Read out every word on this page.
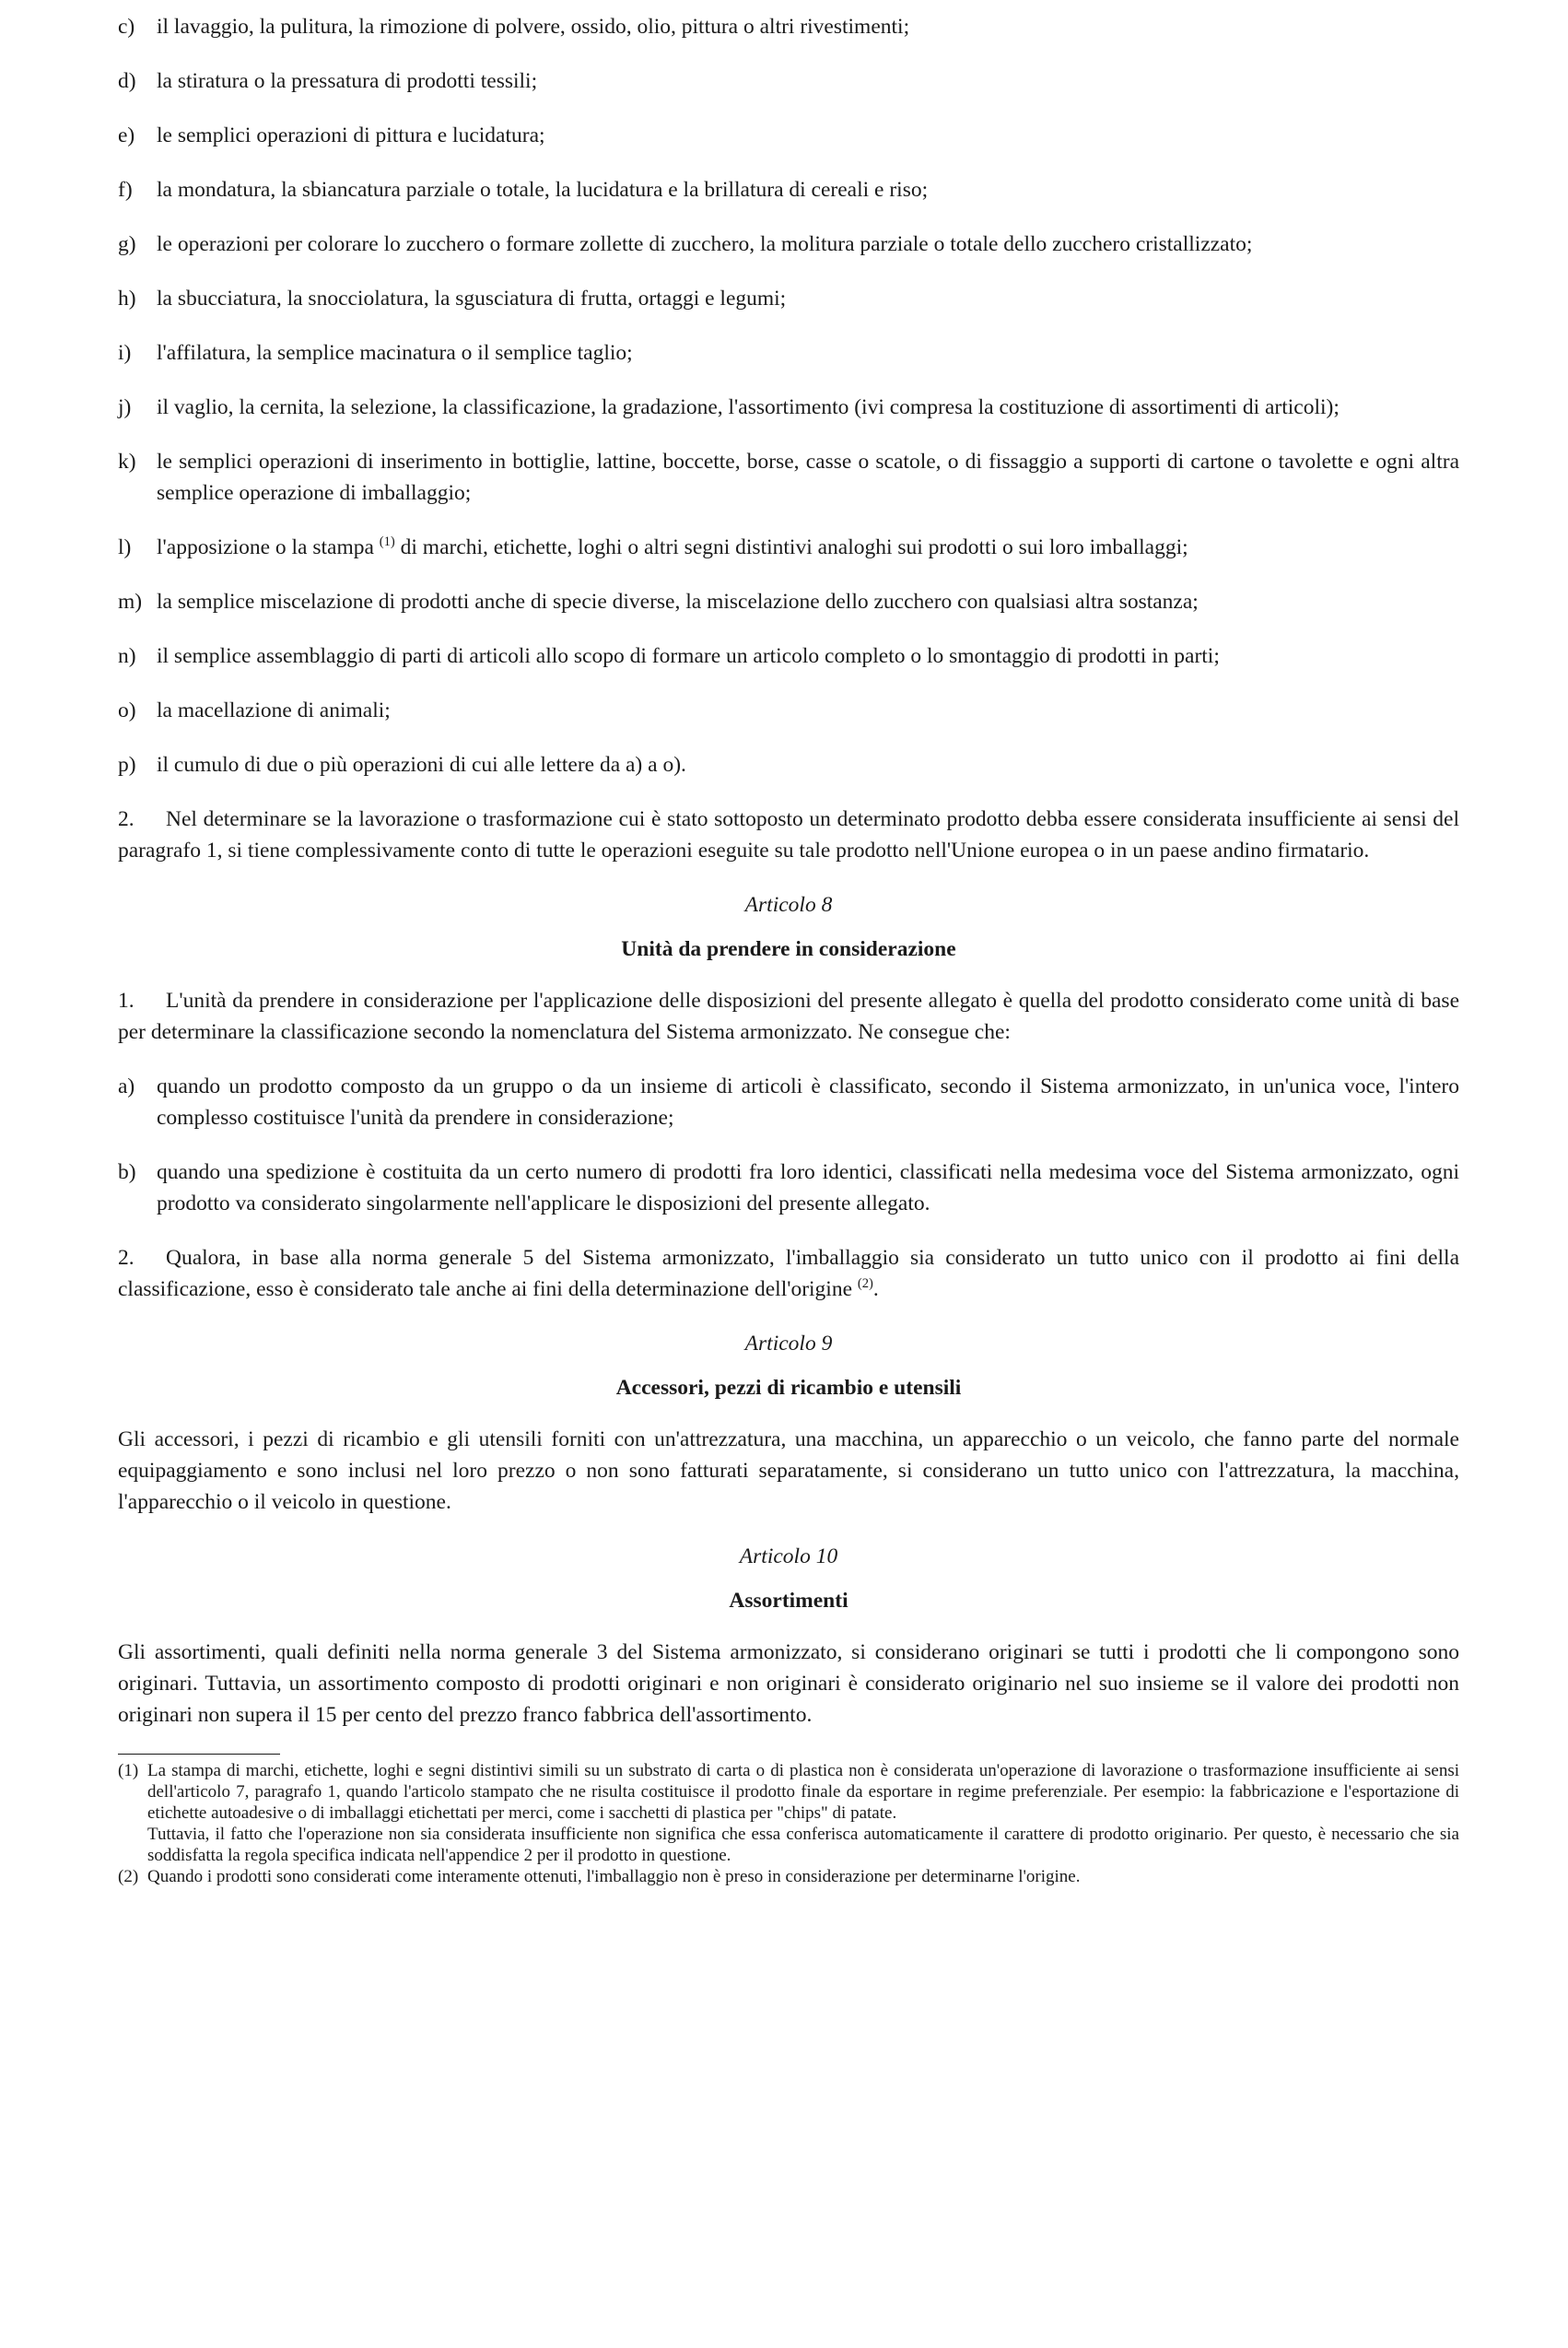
c)	il lavaggio, la pulitura, la rimozione di polvere, ossido, olio, pittura o altri rivestimenti;
d) la stiratura o la pressatura di prodotti tessili;
e)	le semplici operazioni di pittura e lucidatura;
f)	la mondatura, la sbiancatura parziale o totale, la lucidatura e la brillatura di cereali e riso;
g) le operazioni per colorare lo zucchero o formare zollette di zucchero, la molitura parziale o totale dello zucchero cristallizzato;
h) la sbucciatura, la snocciolatura, la sgusciatura di frutta, ortaggi e legumi;
i)	l'affilatura, la semplice macinatura o il semplice taglio;
j)	il vaglio, la cernita, la selezione, la classificazione, la gradazione, l'assortimento (ivi compresa la costituzione di assortimenti di articoli);
k) le semplici operazioni di inserimento in bottiglie, lattine, boccette, borse, casse o scatole, o di fissaggio a supporti di cartone o tavolette e ogni altra semplice operazione di imballaggio;
l)	l'apposizione o la stampa $^{(1)}$ di marchi, etichette, loghi o altri segni distintivi analoghi sui prodotti o sui loro imballaggi;
m) la semplice miscelazione di prodotti anche di specie diverse, la miscelazione dello zucchero con qualsiasi altra sostanza;
n) il semplice assemblaggio di parti di articoli allo scopo di formare un articolo completo o lo smontaggio di prodotti in parti;
o) la macellazione di animali;
p) il cumulo di due o più operazioni di cui alle lettere da a) a o).

2. Nel determinare se la lavorazione o trasformazione cui è stato sottoposto un determinato prodotto debba essere considerata insufficiente ai sensi del paragrafo 1, si tiene complessivamente conto di tutte le operazioni eseguite su tale prodotto nell'Unione europea o in un paese andino firmatario.

Articolo 8
Unità da prendere in considerazione

1. L'unità da prendere in considerazione per l'applicazione delle disposizioni del presente allegato è quella del prodotto considerato come unità di base per determinare la classificazione secondo la nomenclatura del Sistema armonizzato. Ne consegue che:

a)	quando un prodotto composto da un gruppo o da un insieme di articoli è classificato, secondo il Sistema armonizzato, in un'unica voce, l'intero complesso costituisce l'unità da prendere in considerazione;
b) quando una spedizione è costituita da un certo numero di prodotti fra loro identici, classificati nella medesima voce del Sistema armonizzato, ogni prodotto va considerato singolarmente nell'applicare le disposizioni del presente allegato.

2. Qualora, in base alla norma generale 5 del Sistema armonizzato, l'imballaggio sia considerato un tutto unico con il prodotto ai fini della classificazione, esso è considerato tale anche ai fini della determinazione dell'origine $^{(2)}$.

Articolo 9
Accessori, pezzi di ricambio e utensili

Gli accessori, i pezzi di ricambio e gli utensili forniti con un'attrezzatura, una macchina, un apparecchio o un veicolo, che fanno parte del normale equipaggiamento e sono inclusi nel loro prezzo o non sono fatturati separatamente, si considerano un tutto unico con l'attrezzatura, la macchina, l'apparecchio o il veicolo in questione.

Articolo 10
Assortimenti

Gli assortimenti, quali definiti nella norma generale 3 del Sistema armonizzato, si considerano originari se tutti i prodotti che li compongono sono originari. Tuttavia, un assortimento composto di prodotti originari e non originari è considerato originario nel suo insieme se il valore dei prodotti non originari non supera il 15 per cento del prezzo franco fabbrica dell'assortimento.

(1) La stampa di marchi, etichette, loghi e segni distintivi simili su un substrato di carta o di plastica non è considerata un'operazione di lavorazione o trasformazione insufficiente ai sensi dell'articolo 7, paragrafo 1, quando l'articolo stampato che ne risulta costituisce il prodotto finale da esportare in regime preferenziale. Per esempio: la fabbricazione e l'esportazione di etichette autoadesive o di imballaggi etichettati per merci, come i sacchetti di plastica per "chips" di patate.
Tuttavia, il fatto che l'operazione non sia considerata insufficiente non significa che essa conferisca automaticamente il carattere di prodotto originario. Per questo, è necessario che sia soddisfatta la regola specifica indicata nell'appendice 2 per il prodotto in questione.
(2) Quando i prodotti sono considerati come interamente ottenuti, l'imballaggio non è preso in considerazione per determinarne l'origine.
